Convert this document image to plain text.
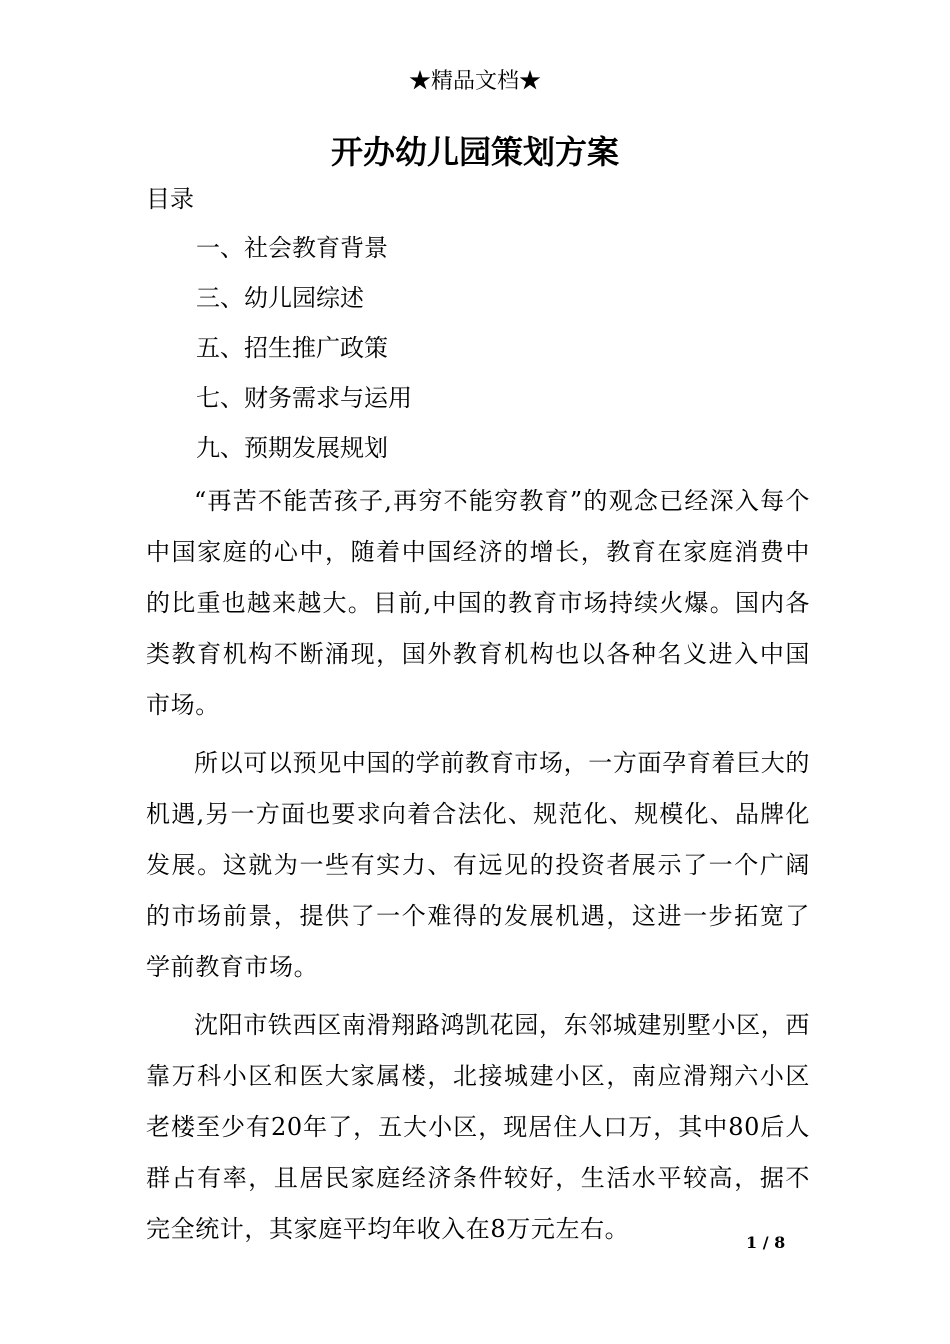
★精品文档★
开办幼儿园策划方案
目录
一、社会教育背景
三、幼儿园综述
五、招生推广政策
七、财务需求与运用
九、预期发展规划

“再苦不能苦孩子,再穷不能穷教育”的观念已经深入每个中国家庭的心中，随着中国经济的增长，教育在家庭消费中的比重也越来越大。目前,中国的教育市场持续火爆。国内各类教育机构不断涌现，国外教育机构也以各种名义进入中国市场。

所以可以预见中国的学前教育市场，一方面孕育着巨大的机遇,另一方面也要求向着合法化、规范化、规模化、品牌化发展。这就为一些有实力、有远见的投资者展示了一个广阔的市场前景，提供了一个难得的发展机遇，这进一步拓宽了学前教育市场。

沈阳市铁西区南滑翔路鸿凯花园，东邻城建别墅小区，西靠万科小区和医大家属楼，北接城建小区，南应滑翔六小区老楼至少有20年了，五大小区，现居住人口万，其中80后人群占有率，且居民家庭经济条件较好，生活水平较高，据不完全统计，其家庭平均年收入在8万元左右。	1 / 8
